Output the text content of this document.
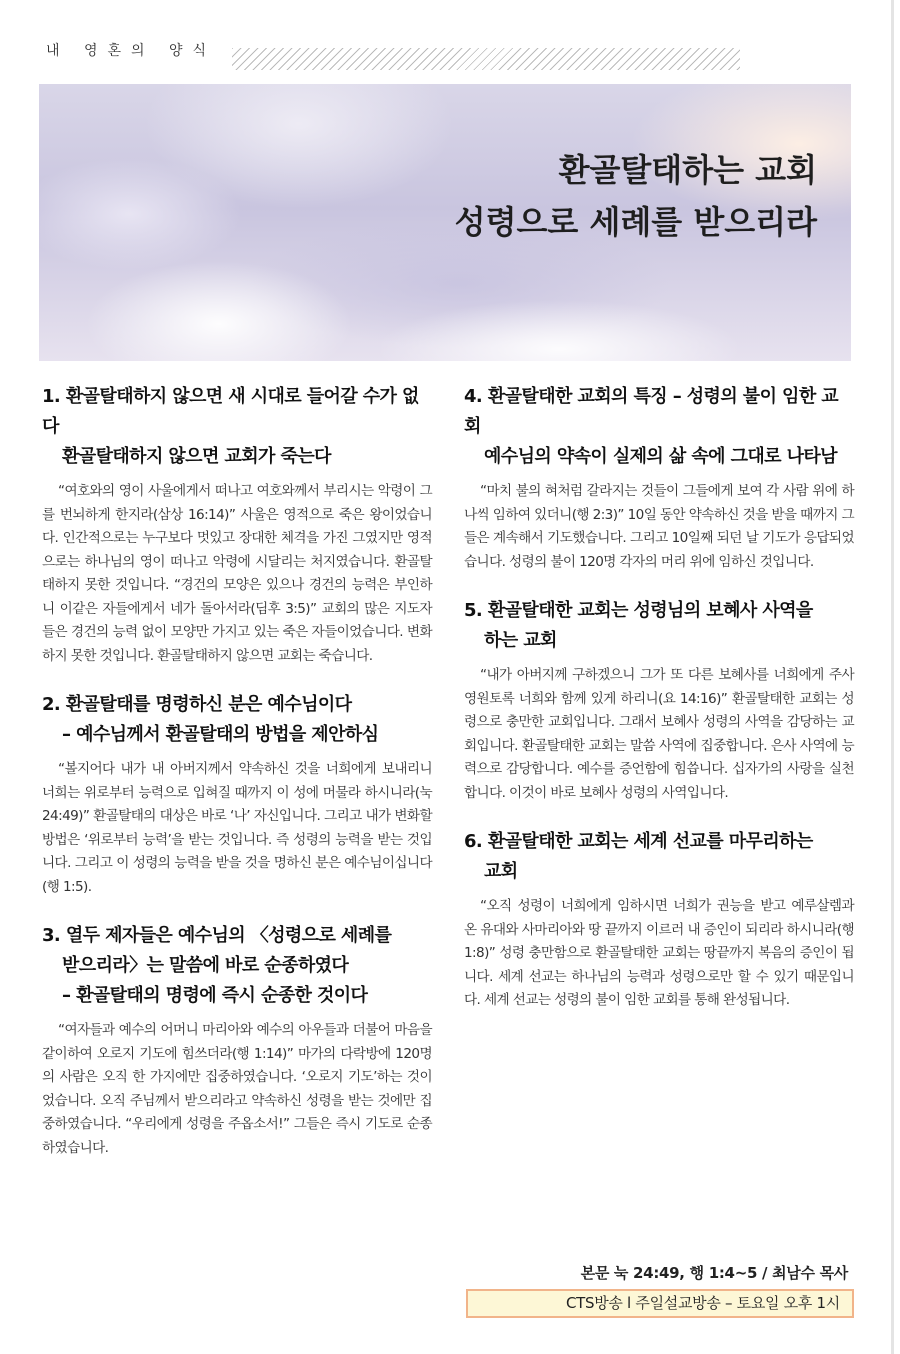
내 영혼의 양식
환골탈태하는 교회
성령으로 세례를 받으리라
1. 환골탈태하지 않으면 새 시대로 들어갈 수가 없다
환골탈태하지 않으면 교회가 죽는다

“여호와의 영이 사울에게서 떠나고 여호와께서 부리시는 악령이 그를 번뇌하게 한지라(삼상 16:14)” 사울은 영적으로 죽은 왕이었습니다. 인간적으로는 누구보다 멋있고 장대한 체격을 가진 그였지만 영적으로는 하나님의 영이 떠나고 악령에 시달리는 처지였습니다. 환골탈태하지 못한 것입니다. “경건의 모양은 있으나 경건의 능력은 부인하니 이같은 자들에게서 네가 돌아서라(딤후 3:5)” 교회의 많은 지도자들은 경건의 능력 없이 모양만 가지고 있는 죽은 자들이었습니다. 변화하지 못한 것입니다. 환골탈태하지 않으면 교회는 죽습니다.

2. 환골탈태를 명령하신 분은 예수님이다
– 예수님께서 환골탈태의 방법을 제안하심

“볼지어다 내가 내 아버지께서 약속하신 것을 너희에게 보내리니 너희는 위로부터 능력으로 입혀질 때까지 이 성에 머물라 하시니라(눅 24:49)” 환골탈태의 대상은 바로 ‘나’ 자신입니다. 그리고 내가 변화할 방법은 ‘위로부터 능력’을 받는 것입니다. 즉 성령의 능력을 받는 것입니다. 그리고 이 성령의 능력을 받을 것을 명하신 분은 예수님이십니다(행 1:5).

3. 열두 제자들은 예수님의 〈성령으로 세례를
받으리라〉는 말씀에 바로 순종하였다
– 환골탈태의 명령에 즉시 순종한 것이다

“여자들과 예수의 어머니 마리아와 예수의 아우들과 더불어 마음을 같이하여 오로지 기도에 힘쓰더라(행 1:14)” 마가의 다락방에 120명의 사람은 오직 한 가지에만 집중하였습니다. ‘오로지 기도’하는 것이었습니다. 오직 주님께서 받으리라고 약속하신 성령을 받는 것에만 집중하였습니다. “우리에게 성령을 주옵소서!” 그들은 즉시 기도로 순종하였습니다.

4. 환골탈태한 교회의 특징 – 성령의 불이 임한 교회
예수님의 약속이 실제의 삶 속에 그대로 나타남

“마치 불의 혀처럼 갈라지는 것들이 그들에게 보여 각 사람 위에 하나씩 임하여 있더니(행 2:3)” 10일 동안 약속하신 것을 받을 때까지 그들은 계속해서 기도했습니다. 그리고 10일째 되던 날 기도가 응답되었습니다. 성령의 불이 120명 각자의 머리 위에 임하신 것입니다.

5. 환골탈태한 교회는 성령님의 보혜사 사역을
하는 교회

“내가 아버지께 구하겠으니 그가 또 다른 보혜사를 너희에게 주사 영원토록 너희와 함께 있게 하리니(요 14:16)” 환골탈태한 교회는 성령으로 충만한 교회입니다. 그래서 보혜사 성령의 사역을 감당하는 교회입니다. 환골탈태한 교회는 말씀 사역에 집중합니다. 은사 사역에 능력으로 감당합니다. 예수를 증언함에 힘씁니다. 십자가의 사랑을 실천합니다. 이것이 바로 보혜사 성령의 사역입니다.

6. 환골탈태한 교회는 세계 선교를 마무리하는
교회

“오직 성령이 너희에게 임하시면 너희가 권능을 받고 예루살렘과 온 유대와 사마리아와 땅 끝까지 이르러 내 증인이 되리라 하시니라(행 1:8)” 성령 충만함으로 환골탈태한 교회는 땅끝까지 복음의 증인이 됩니다. 세계 선교는 하나님의 능력과 성령으로만 할 수 있기 때문입니다. 세계 선교는 성령의 불이 임한 교회를 통해 완성됩니다.

본문 눅 24:49, 행 1:4~5 / 최남수 목사
CTS방송 l 주일설교방송 – 토요일 오후 1시
